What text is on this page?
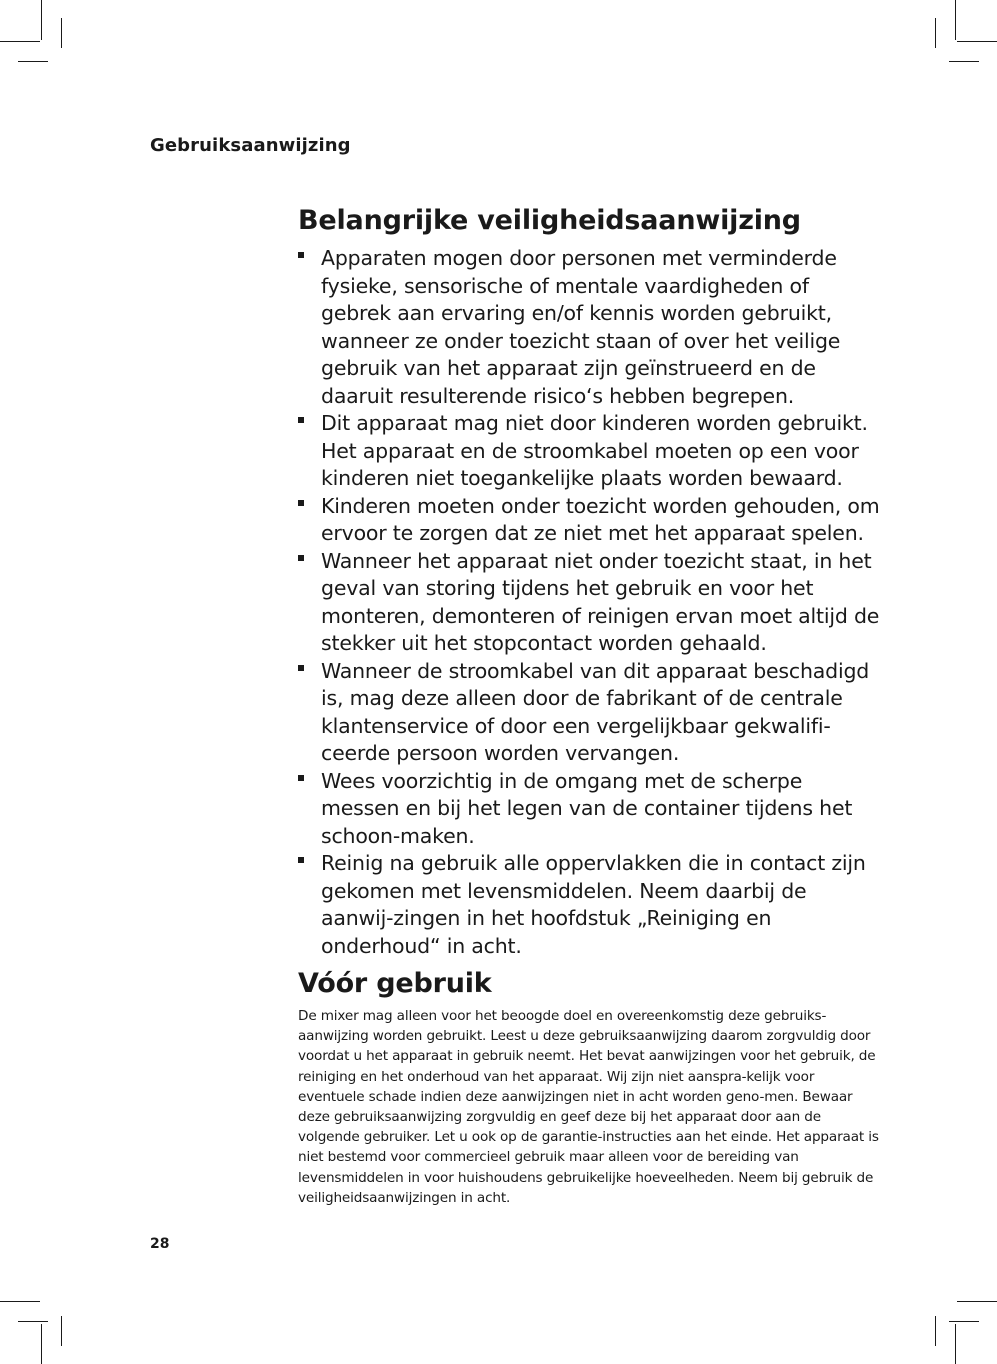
Gebruiksaanwijzing
Belangrijke veiligheidsaanwijzing
Apparaten mogen door personen met verminderde fysieke, sensorische of mentale vaardigheden of gebrek aan ervaring en/of kennis worden gebruikt, wanneer ze onder toezicht staan of over het veilige gebruik van het apparaat zijn geïnstrueerd en de daaruit resulterende risico‘s hebben begrepen.
Dit apparaat mag niet door kinderen worden gebruikt. Het apparaat en de stroomkabel moeten op een voor kinderen niet toegankelijke plaats worden bewaard.
Kinderen moeten onder toezicht worden gehouden, om ervoor te zorgen dat ze niet met het apparaat spelen.
Wanneer het apparaat niet onder toezicht staat, in het geval van storing tijdens het gebruik en voor het monteren, demonteren of reinigen ervan moet altijd de stekker uit het stopcontact worden gehaald.
Wanneer de stroomkabel van dit apparaat beschadigd is, mag deze alleen door de fabrikant of de centrale klantenservice of door een vergelijkbaar gekwalifi-ceerde persoon worden vervangen.
Wees voorzichtig in de omgang met de scherpe messen en bij het legen van de container tijdens het schoon-maken.
Reinig na gebruik alle oppervlakken die in contact zijn gekomen met levensmiddelen. Neem daarbij de aanwij-zingen in het hoofdstuk „Reiniging en onderhoud“ in acht.
Vóór gebruik

De mixer mag alleen voor het beoogde doel en overeenkomstig deze gebruiks-aanwijzing worden gebruikt. Leest u deze gebruiksaanwijzing daarom zorgvuldig door voordat u het apparaat in gebruik neemt. Het bevat aanwijzingen voor het gebruik, de reiniging en het onderhoud van het apparaat. Wij zijn niet aanspra-kelijk voor eventuele schade indien deze aanwijzingen niet in acht worden geno-men. Bewaar deze gebruiksaanwijzing zorgvuldig en geef deze bij het apparaat door aan de volgende gebruiker. Let u ook op de garantie-instructies aan het einde. Het apparaat is niet bestemd voor commercieel gebruik maar alleen voor de bereiding van levensmiddelen in voor huishoudens gebruikelijke hoeveelheden. Neem bij gebruik de veiligheidsaanwijzingen in acht.

28
